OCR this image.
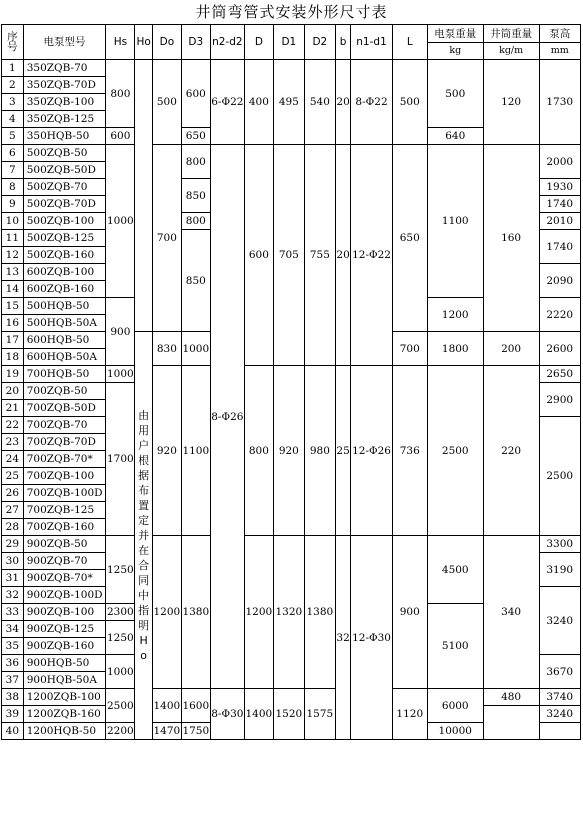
井筒弯管式安装外形尺寸表
序号	电泵型号	Hs	Ho	Do	D3	n2-d2	D	D1	D2	b	n1-d1	L	电泵重量	井筒重量	泵高
													kg	kg/m	mm
1	350ZQB-70	800		500	600	6-Φ22	400	495	540	20	8-Φ22	500	500	120	1730
2	350ZQB-70D														
3	350ZQB-100														
4	350ZQB-125														
5	350HQB-50	600			650								640		
6	500ZQB-50	1000		700	800	8-Φ26	600	705	755	20	12-Φ22	650	1100	160	2000
7	500ZQB-50D														
8	500ZQB-70				850										1930
9	500ZQB-70D														1740
10	500ZQB-100				800										2010
11	500ZQB-125				850										1740
12	500ZQB-160														
13	600ZQB-100														2090
14	600ZQB-160														
15	500HQB-50	900											1200		2220
16	500HQB-50A														
17	600HQB-50		由用户根据布置定并在合同中指明Ho	830	1000							700	1800	200	2600
18	600HQB-50A														
19	700HQB-50	1000		920	1100		800	920	980	25	12-Φ26	736	2500	220	2650
20	700ZQB-50	1700													2900
21	700ZQB-50D														
22	700ZQB-70														2500
23	700ZQB-70D														
24	700ZQB-70*														
25	700ZQB-100														
26	700ZQB-100D														
27	700ZQB-125														
28	700ZQB-160														
29	900ZQB-50	1250		1200	1380		1200	1320	1380	32	12-Φ30	900	4500	340	3300
30	900ZQB-70														3190
31	900ZQB-70*														
32	900ZQB-100D														3240
33	900ZQB-100	2300											5100		
34	900ZQB-125	1250													
35	900ZQB-160														
36	900HQB-50	1000													3670
37	900HQB-50A														
38	1200ZQB-100	2500		1400	1600	8-Φ30	1400	1520	1575			1120	6000	480	3740
39	1200ZQB-160														3240
40	1200HQB-50	2200		1470	1750								10000		
